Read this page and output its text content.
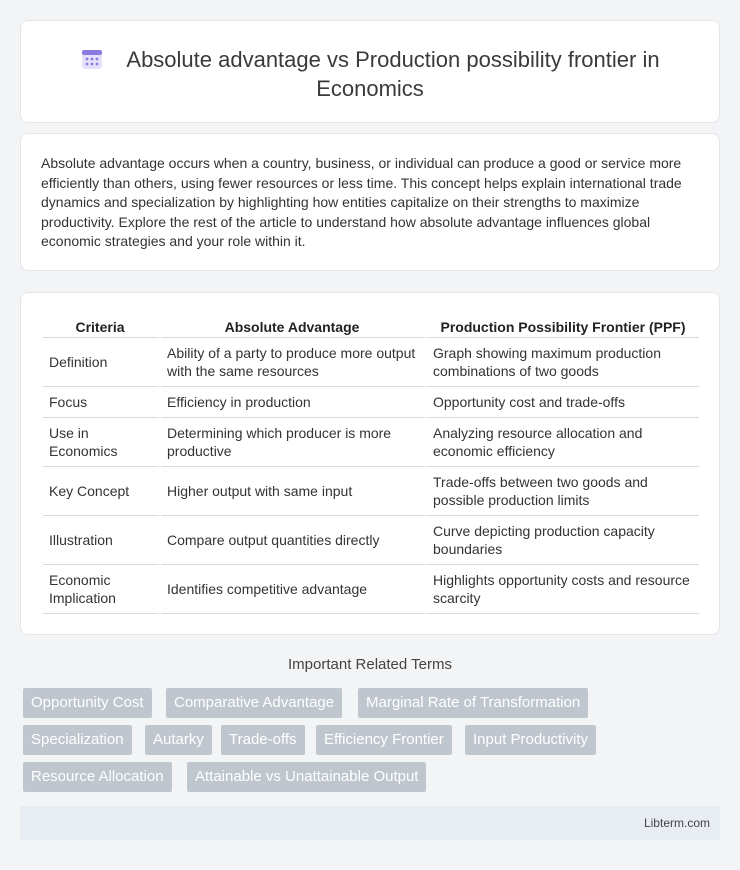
Absolute advantage vs Production possibility frontier in Economics

Absolute advantage occurs when a country, business, or individual can produce a good or service more efficiently than others, using fewer resources or less time. This concept helps explain international trade dynamics and specialization by highlighting how entities capitalize on their strengths to maximize productivity. Explore the rest of the article to understand how absolute advantage influences global economic strategies and your role within it.

Criteria	Absolute Advantage	Production Possibility Frontier (PPF)
Definition	Ability of a party to produce more output with the same resources	Graph showing maximum production combinations of two goods
Focus	Efficiency in production	Opportunity cost and trade-offs
Use in Economics	Determining which producer is more productive	Analyzing resource allocation and economic efficiency
Key Concept	Higher output with same input	Trade-offs between two goods and possible production limits
Illustration	Compare output quantities directly	Curve depicting production capacity boundaries
Economic Implication	Identifies competitive advantage	Highlights opportunity costs and resource scarcity
Important Related Terms
Opportunity Cost	Comparative Advantage	Marginal Rate of Transformation
Specialization	Autarky	Trade-offs	Efficiency Frontier	Input Productivity
Resource Allocation	Attainable vs Unattainable Output
Libterm.com
